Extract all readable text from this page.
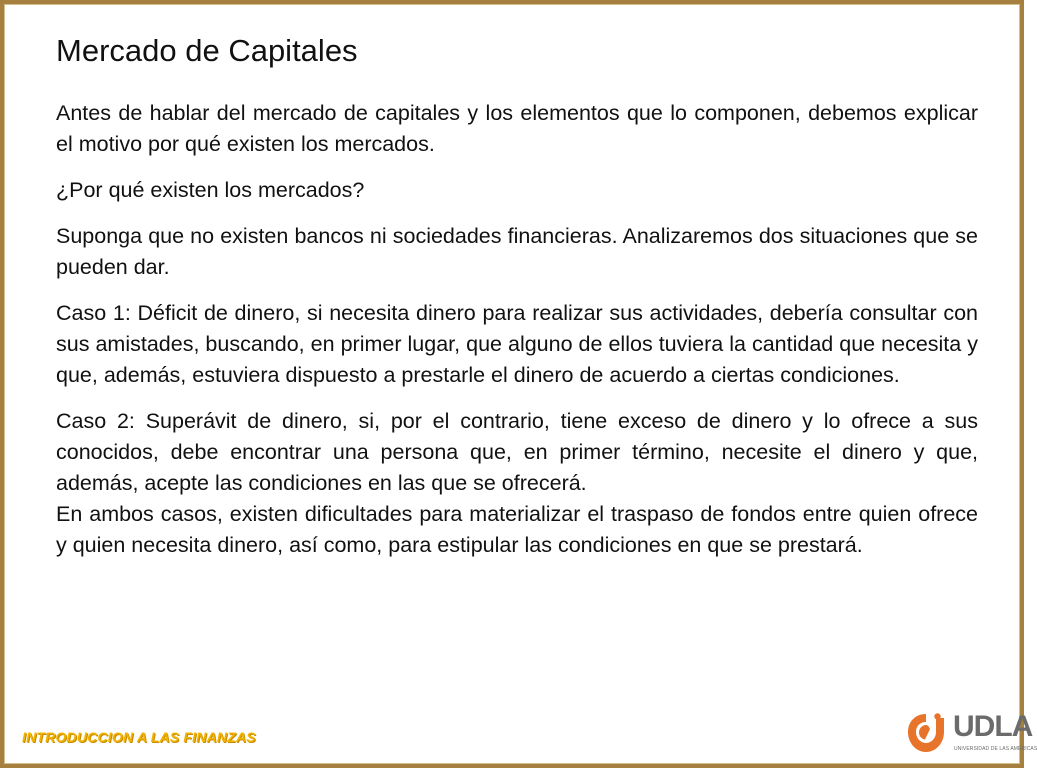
Mercado de Capitales

Antes de hablar del mercado de capitales y los elementos que lo componen, debemos explicar el motivo por qué existen los mercados.

¿Por qué existen los mercados?

Suponga que no existen bancos ni sociedades financieras. Analizaremos dos situaciones que se pueden dar.

Caso 1: Déficit de dinero, si necesita dinero para realizar sus actividades, debería consultar con sus amistades, buscando, en primer lugar, que alguno de ellos tuviera la cantidad que necesita y que, además, estuviera dispuesto a prestarle el dinero de acuerdo a ciertas condiciones.

Caso 2: Superávit de dinero, si, por el contrario, tiene exceso de dinero y lo ofrece a sus conocidos, debe encontrar una persona que, en primer término, necesite el dinero y que, además, acepte las condiciones en las que se ofrecerá.

En ambos casos, existen dificultades para materializar el traspaso de fondos entre quien ofrece y quien necesita dinero, así como, para estipular las condiciones en que se prestará.

INTRODUCCION A LAS FINANZAS	UDLA
UNIVERSIDAD DE LAS AMÉRICAS
